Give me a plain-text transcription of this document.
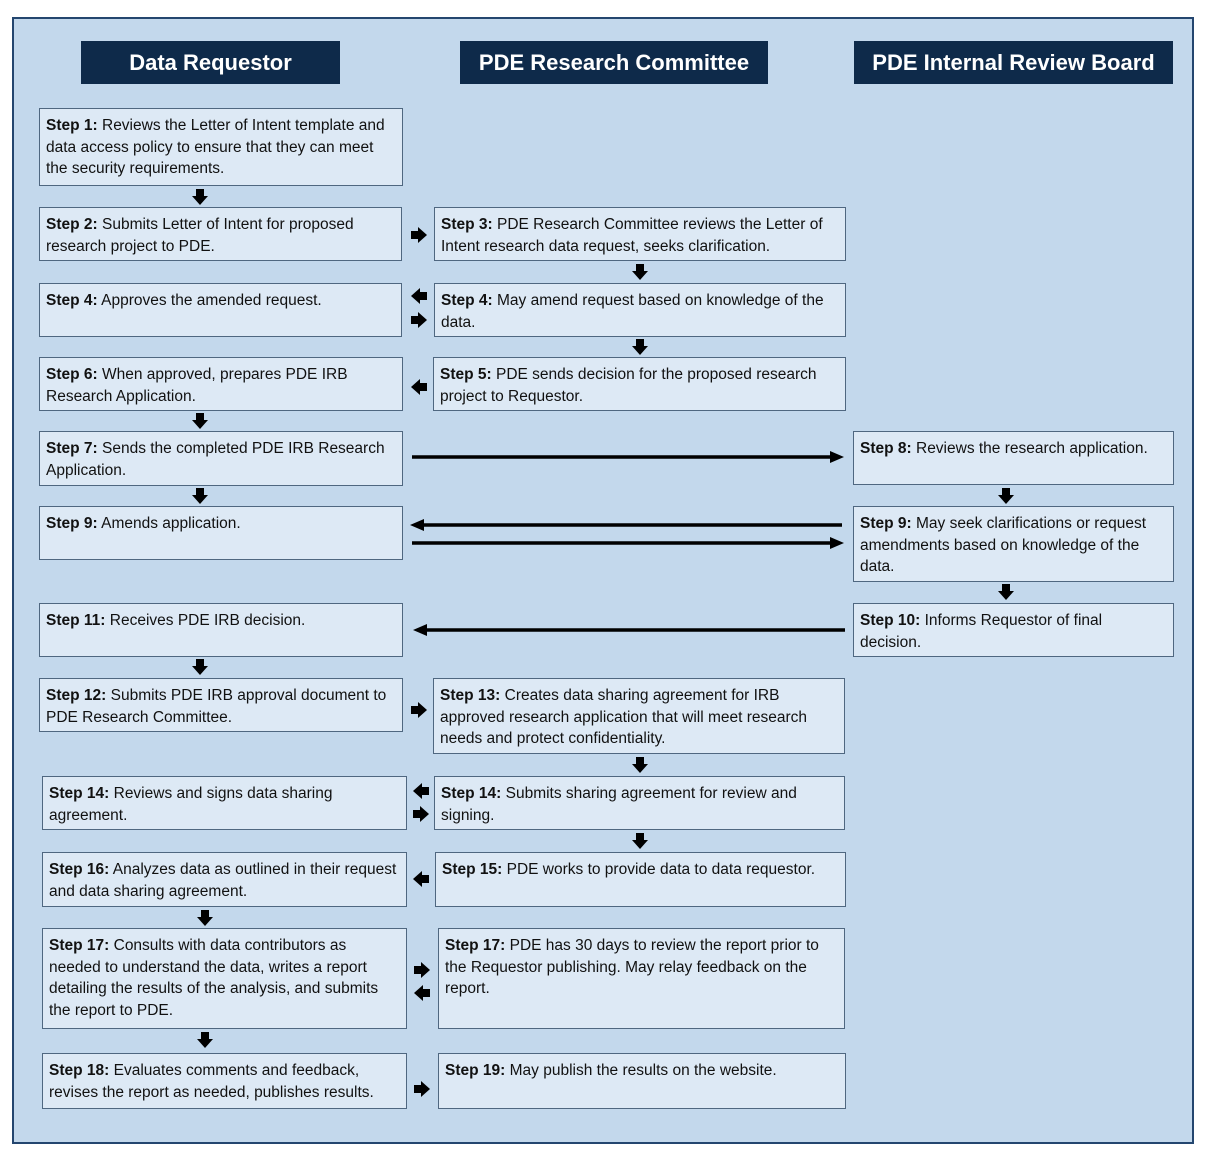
Data Requestor	PDE Research Committee	PDE Internal Review Board
Step 1: Reviews the Letter of Intent template and data access policy to ensure that they can meet the security requirements.
Step 2: Submits Letter of Intent for proposed research project to PDE.
Step 3: PDE Research Committee reviews the Letter of Intent research data request, seeks clarification.
Step 4: Approves the amended request.	Step 4: May amend request based on knowledge of the data.
Step 6: When approved, prepares PDE IRB Research Application.
Step 5: PDE sends decision for the proposed research project to Requestor.
Step 7: Sends the completed PDE IRB Research Application.
Step 8: Reviews the research application.
Step 9: Amends application.	Step 9: May seek clarifications or request amendments based on knowledge of the data.
Step 11: Receives PDE IRB decision.	Step 10: Informs Requestor of final decision.
Step 12: Submits PDE IRB approval document to PDE Research Committee.
Step 13: Creates data sharing agreement for IRB approved research application that will meet research needs and protect confidentiality.
Step 14: Reviews and signs data sharing agreement.
Step 14: Submits sharing agreement for review and signing.
Step 16: Analyzes data as outlined in their request and data sharing agreement.
Step 15: PDE works to provide data to data requestor.
Step 17: Consults with data contributors as needed to understand the data, writes a report detailing the results of the analysis, and submits the report to PDE.
Step 17: PDE has 30 days to review the report prior to the Requestor publishing. May relay feedback on the report.
Step 18: Evaluates comments and feedback, revises the report as needed, publishes results.
Step 19: May publish the results on the website.
